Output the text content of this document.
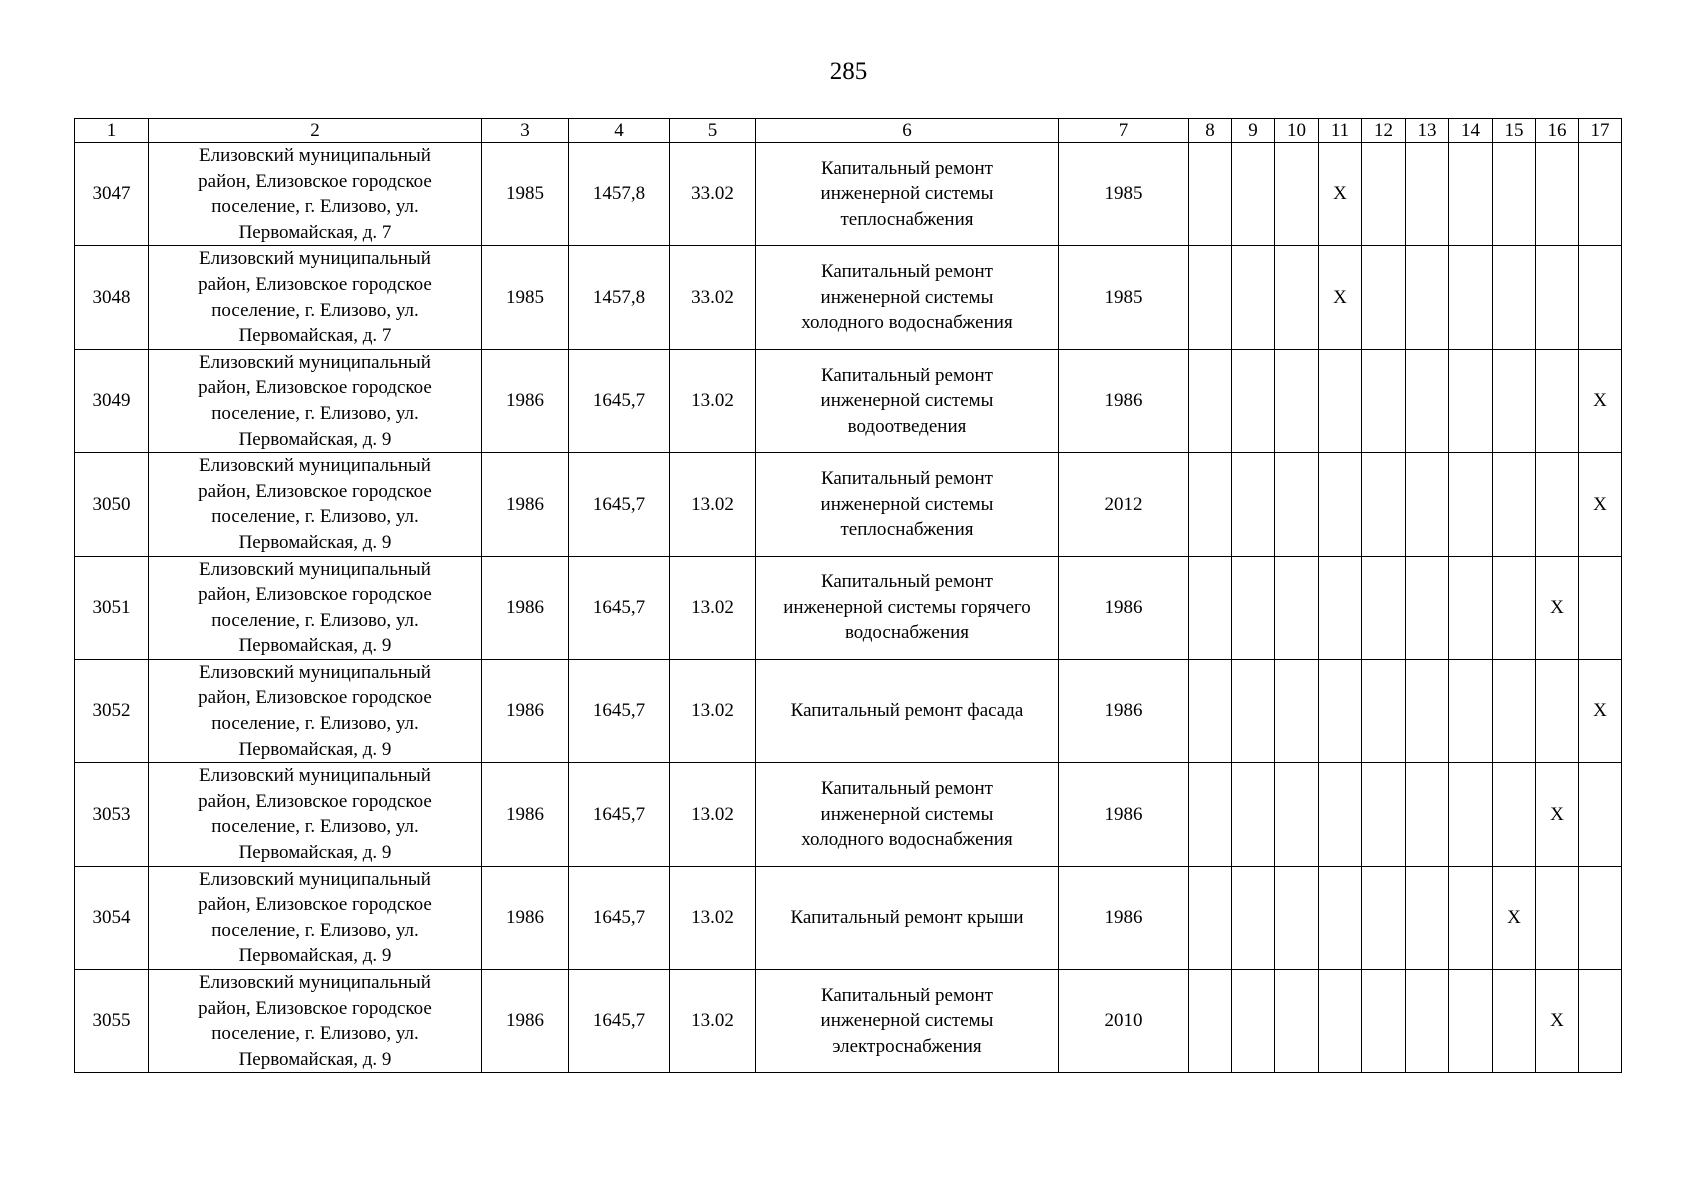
285
1	2	3	4	5	6	7	8	9	10	11	12	13	14	15	16	17
3047	Елизовский муниципальный
район, Елизовское городское
поселение, г. Елизово, ул.
Первомайская, д. 7	1985	1457,8	33.02	Капитальный ремонт
инженерной системы
теплоснабжения	1985				X						
3048	Елизовский муниципальный
район, Елизовское городское
поселение, г. Елизово, ул.
Первомайская, д. 7	1985	1457,8	33.02	Капитальный ремонт
инженерной системы
холодного водоснабжения	1985				X						
3049	Елизовский муниципальный
район, Елизовское городское
поселение, г. Елизово, ул.
Первомайская, д. 9	1986	1645,7	13.02	Капитальный ремонт
инженерной системы
водоотведения	1986										X
3050	Елизовский муниципальный
район, Елизовское городское
поселение, г. Елизово, ул.
Первомайская, д. 9	1986	1645,7	13.02	Капитальный ремонт
инженерной системы
теплоснабжения	2012										X
3051	Елизовский муниципальный
район, Елизовское городское
поселение, г. Елизово, ул.
Первомайская, д. 9	1986	1645,7	13.02	Капитальный ремонт
инженерной системы горячего
водоснабжения	1986									X	
3052	Елизовский муниципальный
район, Елизовское городское
поселение, г. Елизово, ул.
Первомайская, д. 9	1986	1645,7	13.02	Капитальный ремонт фасада	1986										X
3053	Елизовский муниципальный
район, Елизовское городское
поселение, г. Елизово, ул.
Первомайская, д. 9	1986	1645,7	13.02	Капитальный ремонт
инженерной системы
холодного водоснабжения	1986									X	
3054	Елизовский муниципальный
район, Елизовское городское
поселение, г. Елизово, ул.
Первомайская, д. 9	1986	1645,7	13.02	Капитальный ремонт крыши	1986								X		
3055	Елизовский муниципальный
район, Елизовское городское
поселение, г. Елизово, ул.
Первомайская, д. 9	1986	1645,7	13.02	Капитальный ремонт
инженерной системы
электроснабжения	2010									X	
